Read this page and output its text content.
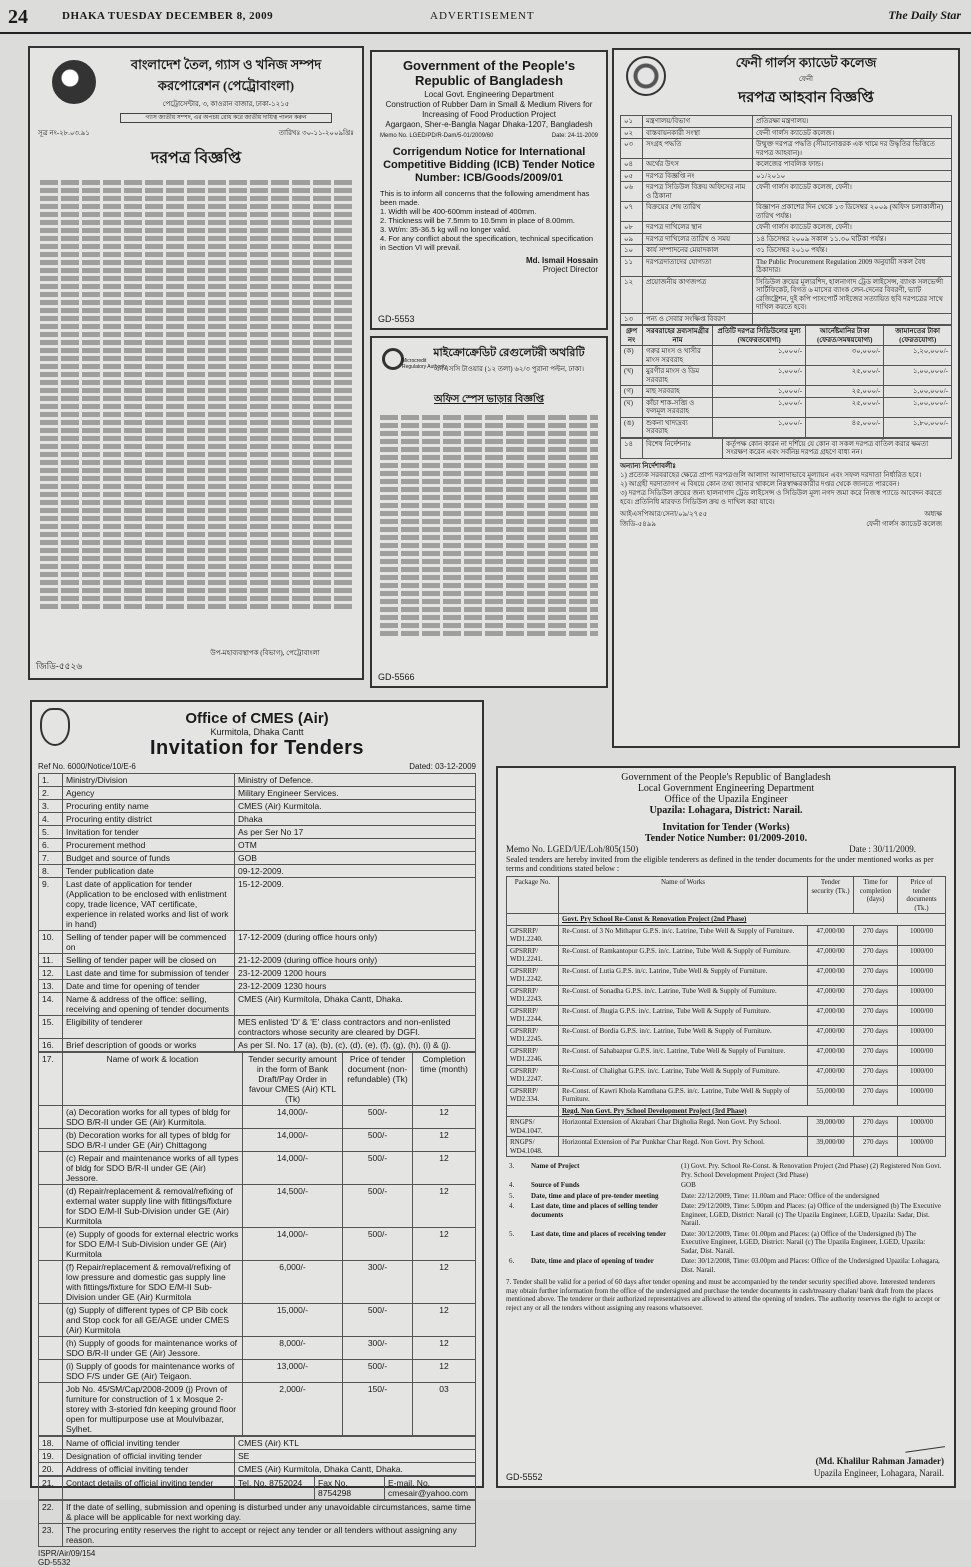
24	DHAKA TUESDAY DECEMBER 8, 2009	ADVERTISEMENT	The Daily Star
বাংলাদেশ তৈল, গ্যাস ও খনিজ সম্পদ
করপোরেশন (পেট্রোবাংলা)
পেট্রোসেন্টার, ৩, কাওরান বাজার, ঢাকা-১২১৫
গ্যাস জাতীয় সম্পদ, এর অপচয় রোধ করে জাতীয় দায়িত্ব পালন করুন
সূত্র নং-২৮.০৩.৯১	তারিখঃ ৩০-১১-২০০৯খ্রিঃ
দরপত্র বিজ্ঞপ্তি
উপ-মহাব্যবস্থাপক (বিভাগ), পেট্রোবাংলা
জিডি-৫৫২৬
Government of the People's Republic of Bangladesh
Local Govt. Engineering Department
Construction of Rubber Dam in Small & Medium Rivers for Increasing of Food Production Project
Agargaon, Sher-e-Bangla Nagar Dhaka-1207, Bangladesh
Memo No. LGED/PD/R-Dam/5-01/2009/60	Date: 24-11-2009
Corrigendum Notice for International Competitive Bidding (ICB) Tender Notice Number: ICB/Goods/2009/01
This is to inform all concerns that the following amendment has been made.
1. Width will be 400-600mm instead of 400mm.
2. Thickness will be 7.5mm to 10.5mm in place of 8.00mm.
3. Wt/m: 35-36.5 kg will no longer valid.
4. For any conflict about the specification, technical specification in Section VI will prevail.
Md. Ismail Hossain
Project Director
GD-5553
Microcredit Regulatory Authority
মাইক্রোক্রেডিট রেগুলেটরী অথরিটি
এনএসসি টাওয়ার (১২ তলা) ৬২/৩ পুরানা পল্টন, ঢাকা।
অফিস স্পেস ভাড়ার বিজ্ঞপ্তি
GD-5566
ফেনী গার্লস ক্যাডেট কলেজ
ফেনী
দরপত্র আহবান বিজ্ঞপ্তি
০১	মন্ত্রণালয়/বিভাগ	প্রতিরক্ষা মন্ত্রণালয়।
০২	বাস্তবায়নকারী সংস্থা	ফেনী গার্লস ক্যাডেট কলেজ।
০৩	সংগ্রহ পদ্ধতি	উন্মুক্ত দরপত্র পদ্ধতি (সীমানোত্তরক এক খামে দর উদ্ধৃতির ভিত্তিতে দরপত্র আহবান)।
০৪	অর্থের উৎস	কলেজের পাবলিক ফান্ড।
০৫	দরপত্র বিজ্ঞপ্তি নং	০১/২০১০
০৬	দরপত্র সিডিউল বিক্রয় অফিসের নাম ও ঠিকানা	ফেনী গার্লস ক্যাডেট কলেজ, ফেনী।
০৭	বিক্রয়ের শেষ তারিখ	বিজ্ঞাপন প্রকাশের দিন থেকে ১৩ ডিসেম্বর ২০০৯ (অফিস চলাকালীন) তারিখ পর্যন্ত।
০৮	দরপত্র দাখিলের স্থান	ফেনী গার্লস ক্যাডেট কলেজ, ফেনী।
০৯	দরপত্র দাখিলের তারিখ ও সময়	১৪ ডিসেম্বর ২০০৯ সকাল ১১.৩০ ঘটিকা পর্যন্ত।
১০	কার্য সম্পাদনের মেয়াদকাল	৩১ ডিসেম্বর ২০১০ পর্যন্ত।
১১	দরপত্রদাতাদের যোগ্যতা	The Public Procurement Regulation 2009 অনুযায়ী সকল বৈধ ঠিকাদার।
১২	প্রয়োজনীয় কাগজপত্র	সিডিউল ক্রয়ের মূল্যরশিদ, হালনাগাদ ট্রেড লাইসেন্স, ব্যাংক সলভেন্সী সার্টিফিকেট, বিগত ৬ মাসের ব্যাংক লেন-দেনের বিবরণী, ভ্যাট রেজিষ্ট্রেশন, দুই কপি পাসপোর্ট সাইজের সত্যায়িত ছবি দরপত্রের সাথে দাখিল করতে হবে।
১৩	পন্য ও সেবার সংক্ষিপ্ত বিবরণ	
গ্রুপ নং	সরবরাহের দ্রব্যসামগ্রীর নাম	প্রতিটি দরপত্র সিডিউলের মূল্য (অফেরতযোগ্য)	আর্নেষ্টমানির টাকা (ফেরত/সমন্বয়যোগ্য)	জামানতের টাকা (ফেরতযোগ্য)
(ক)	গরুর মাংস ও খাসীর মাংস সরবরাহ	১,০০০/-	৩০,০০০/-	১,২০,০০০/-
(খ)	মুরগীর মাংস ও ডিম সরবরাহ	১,০০০/-	২৫,০০০/-	১,০০,০০০/-
(গ)	মাছ সরবরাহ	১,০০০/-	২৫,০০০/-	১,০০,০০০/-
(ঘ)	কাঁচা শাক-সব্জি ও ফলমূল সরবরাহ	১,০০০/-	২৫,০০০/-	১,০০,০০০/-
(ঙ)	শুকনা খাদ্যদ্রব্য সরবরাহ	১,০০০/-	৪৫,০০০/-	১,৮০,০০০/-
১৪	বিশেষ নির্দেশনাঃ	কর্তৃপক্ষ কোন কারন না দর্শিয়ে যে কোন বা সকল দরপত্র বাতিল করার ক্ষমতা সংরক্ষণ করেন এবং সর্বনিম্ন দরপত্র গ্রহণে বাধ্য নন।
অন্যান্য নির্দেশাবলীঃ
১) প্রত্যেক সরবরাহের ক্ষেত্রে প্রাপ্য দরপত্রগুলি আলাদা আলাদাভাবে মূল্যায়ন এবং সফল দরদাতা নির্ধারিত হবে।
২) আগ্রহী দরদাতাগণ এ বিষয়ে কোন তথ্য জানার থাকলে নিম্নস্বাক্ষরকারীর দপ্তর থেকে জানতে পারবেন।
৩) দরপত্র সিডিউল ক্রয়ের জন্য হালনাগাদ ট্রেড লাইসেন্স ও সিডিউল মূল্য নগদ জমা করে নিজস্ব প্যাডে আবেদন করতে হবে। প্রতিনিধি মারফত সিডিউল ক্রয় ও দাখিল করা যাবে।
আইএসপিআর/সেনা/০৯/২৭৫৫
জিডি-৫৪৯৯
অধ্যক্ষ
ফেনী গার্লস ক্যাডেট কলেজ
Office of CMES (Air)
Kurmitola, Dhaka Cantt
Invitation for Tenders
Ref No. 6000/Notice/10/E-6	Dated: 03-12-2009
1.	Ministry/Division	Ministry of Defence.
2.	Agency	Military Engineer Services.
3.	Procuring entity name	CMES (Air) Kurmitola.
4.	Procuring entity district	Dhaka
5.	Invitation for tender	As per Ser No 17
6.	Procurement method	OTM
7.	Budget and source of funds	GOB
8.	Tender publication date	09-12-2009.
9.	Last date of application for tender (Application to be enclosed with enlistment copy, trade licence, VAT certificate, experience in related works and list of work in hand)	15-12-2009.
10.	Selling of tender paper will be commenced on	17-12-2009 (during office hours only)
11.	Selling of tender paper will be closed on	21-12-2009 (during office hours only)
12.	Last date and time for submission of tender	23-12-2009 1200 hours
13.	Date and time for opening of tender	23-12-2009 1230 hours
14.	Name & address of the office: selling, receiving and opening of tender documents	CMES (Air) Kurmitola, Dhaka Cantt, Dhaka.
15.	Eligibility of tenderer	MES enlisted 'D' & 'E' class contractors and non-enlisted contractors whose security are cleared by DGFI.
16.	Brief description of goods or works	As per SI. No. 17 (a), (b), (c), (d), (e), (f), (g), (h), (i) & (j).
17.	Name of work & location	Tender security amount in the form of Bank Draft/Pay Order in favour CMES (Air) KTL (Tk)	Price of tender document (non-refundable) (Tk)	Completion time (month)
	(a) Decoration works for all types of bldg for SDO B/R-II under GE (Air) Kurmitola.	14,000/-	500/-	12
	(b) Decoration works for all types of bldg for SDO B/R-I under GE (Air) Chittagong	14,000/-	500/-	12
	(c) Repair and maintenance works of all types of bldg for SDO B/R-II under GE (Air) Jessore.	14,000/-	500/-	12
	(d) Repair/replacement & removal/refixing of external water supply line with fittings/fixture for SDO E/M-II Sub-Division under GE (Air) Kurmitola	14,500/-	500/-	12
	(e) Supply of goods for external electric works for SDO E/M-I Sub-Division under GE (Air) Kurmitola	14,000/-	500/-	12
	(f) Repair/replacement & removal/refixing of low pressure and domestic gas supply line with fittings/fixture for SDO E/M-II Sub-Division under GE (Air) Kurmitola	6,000/-	300/-	12
	(g) Supply of different types of CP Bib cock and Stop cock for all GE/AGE under CMES (Air) Kurmitola	15,000/-	500/-	12
	(h) Supply of goods for maintenance works of SDO B/R-II under GE (Air) Jessore.	8,000/-	300/-	12
	(i) Supply of goods for maintenance works of SDO F/S under GE (Air) Teigaon.	13,000/-	500/-	12
	Job No. 45/SM/Cap/2008-2009 (j) Provn of furniture for construction of 1 x Mosque 2-storey with 3-storied fdn keeping ground floor open for multipurpose use at Moulvibazar, Sylhet.	2,000/-	150/-	03
18.	Name of official inviting tender	CMES (Air) KTL
19.	Designation of official inviting tender	SE
20.	Address of official inviting tender	CMES (Air) Kurmitola, Dhaka Cantt, Dhaka.
21.	Contact details of official inviting tender	Tel. No. 8752024	Fax No. 8754298	E-mail. No. cmesair@yahoo.com
22.	If the date of selling, submission and opening is disturbed under any unavoidable circumstances, same time & place will be applicable for next working day.
23.	The procuring entity reserves the right to accept or reject any tender or all tenders without assigning any reason.
ISPR/Air/09/154
GD-5532
Government of the People's Republic of Bangladesh
Local Government Engineering Department
Office of the Upazila Engineer
Upazila: Lohagara, District: Narail.
Invitation for Tender (Works)
Tender Notice Number: 01/2009-2010.
Memo No. LGED/UE/Loh/805(150)	Date : 30/11/2009.
Sealed tenders are hereby invited from the eligible tenderers as defined in the tender documents for the under mentioned works as per terms and conditions stated below :
Package No.	Name of Works	Tender security (Tk.)	Time for completion (days)	Price of tender documents (Tk.)
	Govt. Pry School Re-Const & Renovation Project (2nd Phase)			
GPSRRP/ WD1.2240.	Re-Const. of 3 No Mithapur G.P.S. in/c. Latrine, Tube Well & Supply of Furniture.	47,000/00	270 days	1000/00
GPSRRP/ WD1.2241.	Re-Const. of Ramkantopur G.P.S. in/c. Latrine, Tube Well & Supply of Furniture.	47,000/00	270 days	1000/00
GPSRRP/ WD1.2242.	Re-Const. of Lutia G.P.S. in/c. Latrine, Tube Well & Supply of Furniture.	47,000/00	270 days	1000/00
GPSRRP/ WD1.2243.	Re-Const. of Sonadha G.P.S. in/c. Latrine, Tube Well & Supply of Furniture.	47,000/00	270 days	1000/00
GPSRRP/ WD1.2244.	Re-Const. of Jhugia G.P.S. in/c. Latrine, Tube Well & Supply of Furniture.	47,000/00	270 days	1000/00
GPSRRP/ WD1.2245.	Re-Const. of Bordia G.P.S. in/c. Latrine, Tube Well & Supply of Furniture.	47,000/00	270 days	1000/00
GPSRRP/ WD1.2246.	Re-Const. of Sahabazpur G.P.S. in/c. Latrine, Tube Well & Supply of Furniture.	47,000/00	270 days	1000/00
GPSRRP/ WD1.2247.	Re-Const. of Chalighat G.P.S. in/c. Latrine, Tube Well & Supply of Furniture.	47,000/00	270 days	1000/00
GPSRRP/ WD2.334.	Re-Const. of Kawri Khola Kamthana G.P.S. in/c. Latrine, Tube Well & Supply of Furniture.	55,000/00	270 days	1000/00
	Regd. Non Govt. Pry School Development Project (3rd Phase)			
RNGPS/ WD4.1047.	Horizontal Extension of Akrabari Char Digholia Regd. Non Govt. Pry School.	39,000/00	270 days	1000/00
RNGPS/ WD4.1048.	Horizontal Extension of Par Punkhar Char Regd. Non Govt. Pry School.	39,000/00	270 days	1000/00
3.	Name of Project	(1) Govt. Pry. School Re-Const. & Renovation Project (2nd Phase) (2) Registered Non Govt. Pry. School Development Project (3rd Phase)
4.	Source of Funds	GOB
5.	Date, time and place of pre-tender meeting	Date: 22/12/2009, Time: 11.00am and Place: Office of the undersigned
4.	Last date, time and places of selling tender documents	Date: 29/12/2009, Time: 5.00pm and Places: (a) Office of the undersigned (b) The Executive Engineer, LGED, District: Narail (c) The Upazila Engineer, LGED, Upazila: Sadar, Dist. Narail.
5.	Last date, time and places of receiving tender	Date: 30/12/2009, Time: 01.00pm and Places: (a) Office of the Undersigned (b) The Executive Engineer, LGED, District: Narail (c) The Upazila Engineer, LGED, Upazila: Sadar, Dist. Narail.
6.	Date, time and place of opening of tender	Date: 30/12/2008, Time: 03.00pm and Places: Office of the Undersigned Upazila: Lohagara, Dist. Narail.
7. Tender shall be valid for a period of 60 days after tender opening and must be accompanied by the tender security specified above. Interested tenderers may obtain further information from the office of the undersigned and purchase the tender documents in cash/treasury chalan/ bank draft from the places mentioned above. The tenderer or their authorized representatives are allowed to attend the opening of tenders. The authority reserves the right to accept or reject any or all the tenders without assigning any reasons whatsoever.
(Md. Khalilur Rahman Jamader)
Upazila Engineer, Lohagara, Narail.
GD-5552
